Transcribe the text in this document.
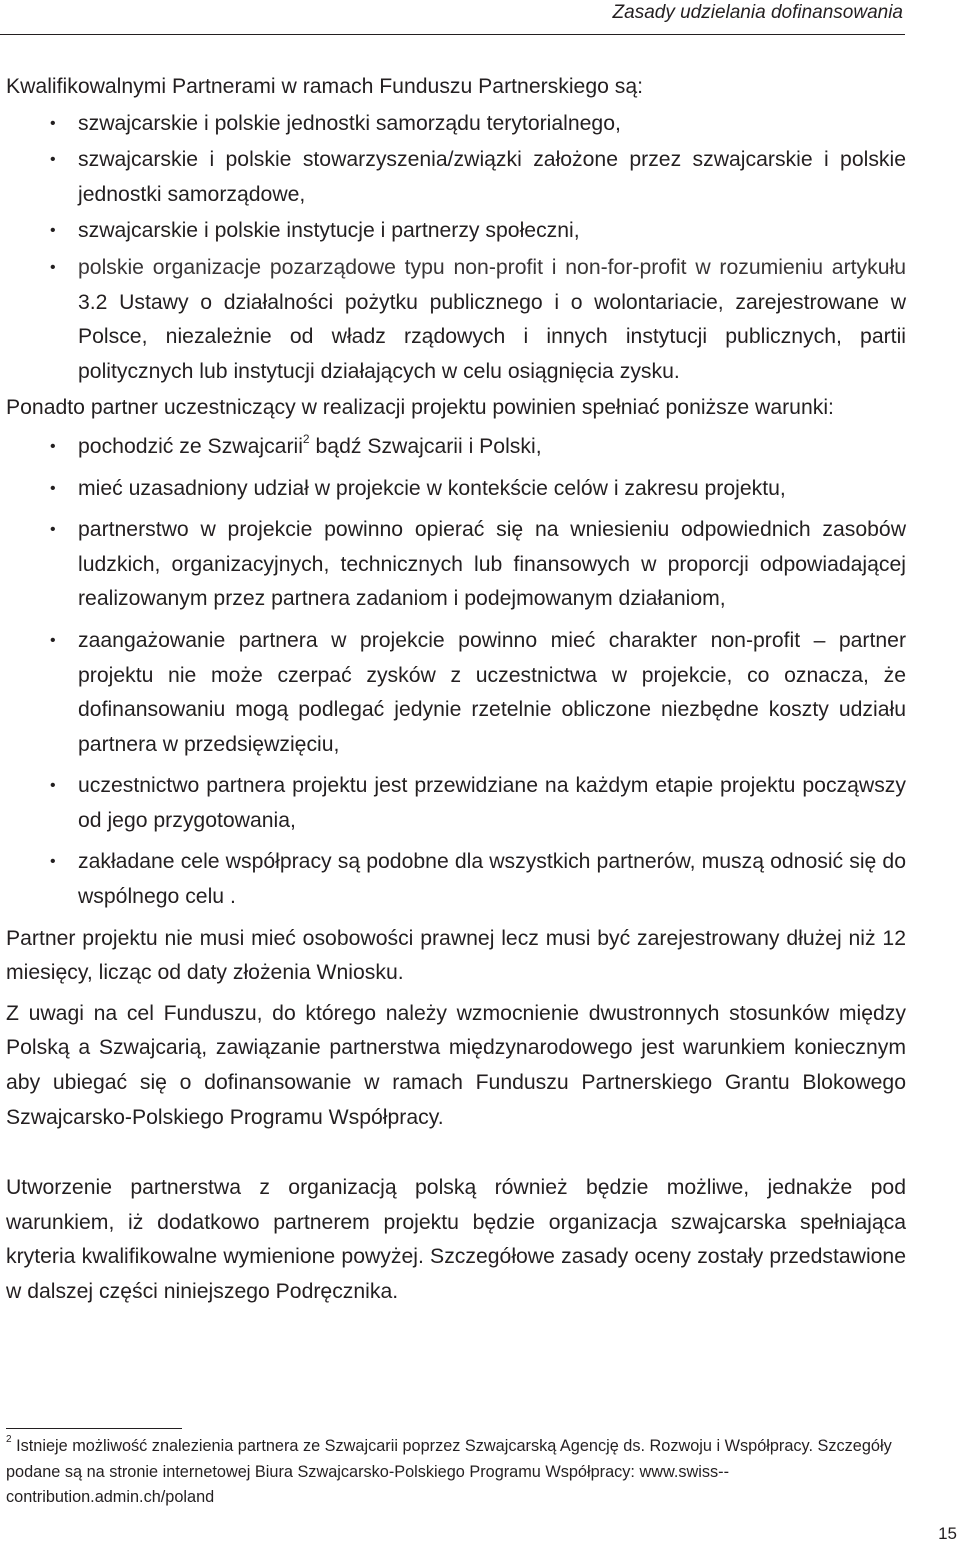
Zasady udzielania dofinansowania

Kwalifikowalnymi Partnerami w ramach Funduszu Partnerskiego są:

• szwajcarskie i polskie jednostki samorządu terytorialnego,
• szwajcarskie i polskie stowarzyszenia/związki założone przez szwajcarskie i polskie jednostki samorządowe,
• szwajcarskie i polskie instytucje i partnerzy społeczni,
• polskie organizacje pozarządowe typu non-profit i non-for-profit w rozumieniu artykułu 3.2 Ustawy o działalności pożytku publicznego i o wolontariacie, zarejestrowane w Polsce, niezależnie od władz rządowych i innych instytucji publicznych, partii politycznych lub instytucji działających w celu osiągnięcia zysku.

Ponadto partner uczestniczący w realizacji projektu powinien spełniać poniższe warunki:

• pochodzić ze Szwajcarii$^2$ bądź Szwajcarii i Polski,
• mieć uzasadniony udział w projekcie w kontekście celów i zakresu projektu,
• partnerstwo w projekcie powinno opierać się na wniesieniu odpowiednich zasobów ludzkich, organizacyjnych, technicznych lub finansowych w proporcji odpowiadającej realizowanym przez partnera zadaniom i podejmowanym działaniom,
• zaangażowanie partnera w projekcie powinno mieć charakter non-profit – partner projektu nie może czerpać zysków z uczestnictwa w projekcie, co oznacza, że dofinansowaniu mogą podlegać jedynie rzetelnie obliczone niezbędne koszty udziału partnera w przedsięwzięciu,
• uczestnictwo partnera projektu jest przewidziane na każdym etapie projektu począwszy od jego przygotowania,
• zakładane cele współpracy są podobne dla wszystkich partnerów, muszą odnosić się do wspólnego celu .

Partner projektu nie musi mieć osobowości prawnej lecz musi być zarejestrowany dłużej niż 12 miesięcy, licząc od daty złożenia Wniosku.

Z uwagi na cel Funduszu, do którego należy wzmocnienie dwustronnych stosunków między Polską a Szwajcarią, zawiązanie partnerstwa międzynarodowego jest warunkiem koniecznym aby ubiegać się o dofinansowanie w ramach Funduszu Partnerskiego Grantu Blokowego Szwajcarsko-Polskiego Programu Współpracy.

Utworzenie partnerstwa z organizacją polską również będzie możliwe, jednakże pod warunkiem, iż dodatkowo partnerem projektu będzie organizacja szwajcarska spełniająca kryteria kwalifikowalne wymienione powyżej. Szczegółowe zasady oceny zostały przedstawione w dalszej części niniejszego Podręcznika.

$^2$ Istnieje możliwość znalezienia partnera ze Szwajcarii poprzez Szwajcarską Agencję ds. Rozwoju i Współpracy. Szczegóły podane są na stronie internetowej Biura Szwajcarsko-Polskiego Programu Współpracy: www.swiss--contribution.admin.ch/poland

15
